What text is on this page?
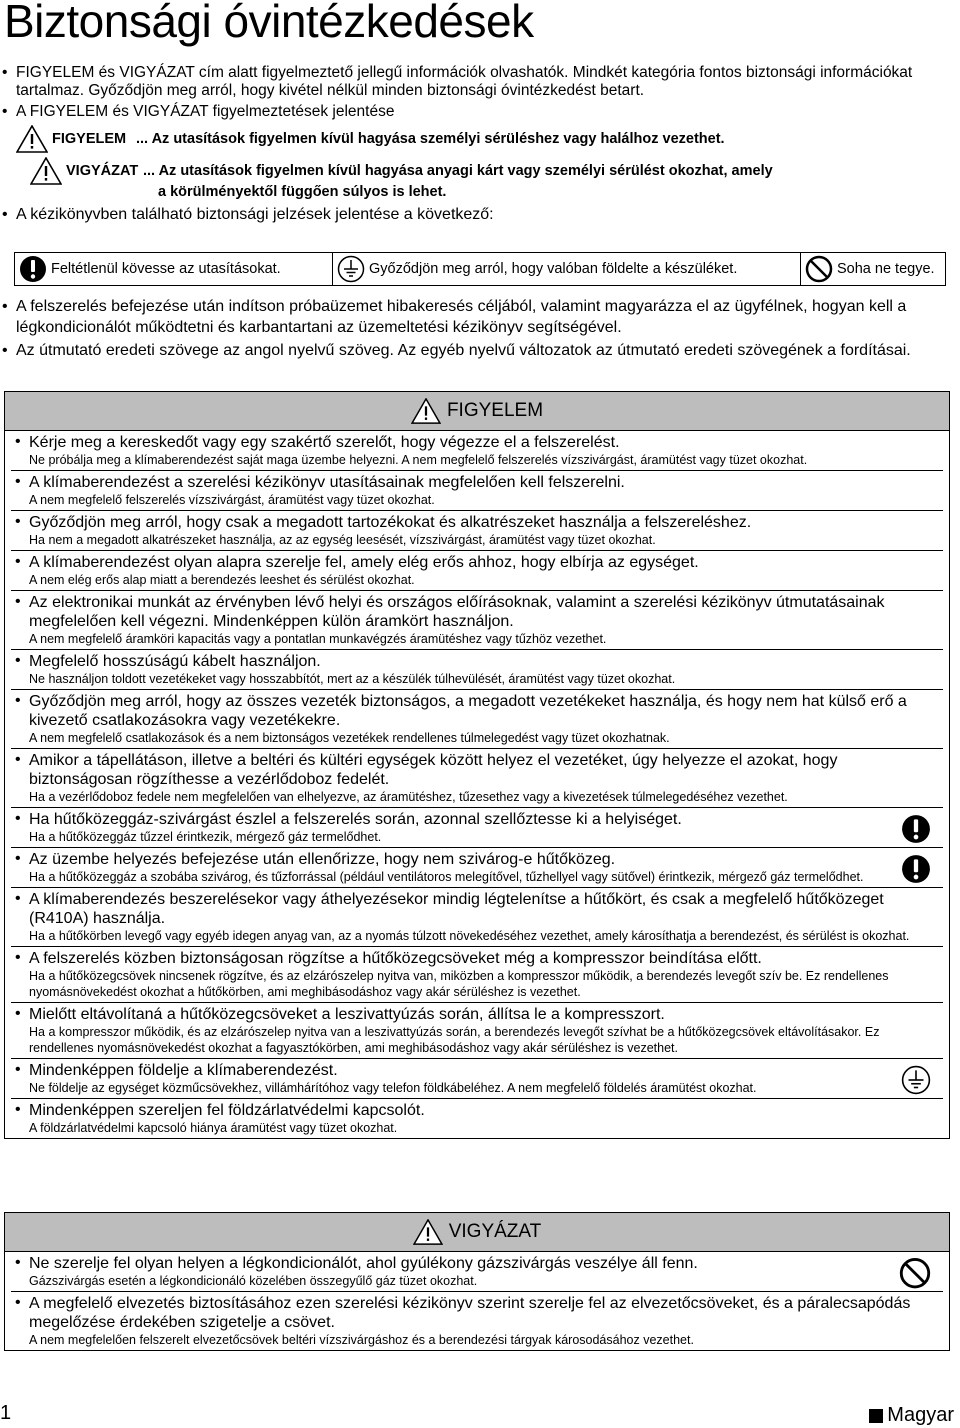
Biztonsági óvintézkedések
• FIGYELEM és VIGYÁZAT cím alatt figyelmeztető jellegű információk olvashatók. Mindkét kategória fontos biztonsági információkat tartalmaz. Győződjön meg arról, hogy kivétel nélkül minden biztonsági óvintézkedést betart.
• A FIGYELEM és VIGYÁZAT figyelmeztetések jelentése
FIGYELEM ... Az utasítások figyelmen kívül hagyása személyi sérüléshez vagy halálhoz vezethet.
VIGYÁZAT ... Az utasítások figyelmen kívül hagyása anyagi kárt vagy személyi sérülést okozhat, amely
a körülményektől függően súlyos is lehet.
• A kézikönyvben található biztonsági jelzések jelentése a következő:
Feltétlenül kövesse az utasításokat.	Győződjön meg arról, hogy valóban földelte a készüléket.	Soha ne tegye.
• A felszerelés befejezése után indítson próbaüzemet hibakeresés céljából, valamint magyarázza el az ügyfélnek, hogyan kell a légkondicionálót működtetni és karbantartani az üzemeltetési kézikönyv segítségével.
• Az útmutató eredeti szövege az angol nyelvű szöveg. Az egyéb nyelvű változatok az útmutató eredeti szövegének a fordításai.
FIGYELEM
• Kérje meg a kereskedőt vagy egy szakértő szerelőt, hogy végezze el a felszerelést.
Ne próbálja meg a klímaberendezést saját maga üzembe helyezni. A nem megfelelő felszerelés vízszivárgást, áramütést vagy tüzet okozhat.
• A klímaberendezést a szerelési kézikönyv utasításainak megfelelően kell felszerelni.
A nem megfelelő felszerelés vízszivárgást, áramütést vagy tüzet okozhat.
• Győződjön meg arról, hogy csak a megadott tartozékokat és alkatrészeket használja a felszereléshez.
Ha nem a megadott alkatrészeket használja, az az egység leesését, vízszivárgást, áramütést vagy tüzet okozhat.
• A klímaberendezést olyan alapra szerelje fel, amely elég erős ahhoz, hogy elbírja az egységet.
A nem elég erős alap miatt a berendezés leeshet és sérülést okozhat.
• Az elektronikai munkát az érvényben lévő helyi és országos előírásoknak, valamint a szerelési kézikönyv útmutatásainak megfelelően kell végezni. Mindenképpen külön áramkört használjon.
A nem megfelelő áramköri kapacitás vagy a pontatlan munkavégzés áramütéshez vagy tűzhöz vezethet.
• Megfelelő hosszúságú kábelt használjon.
Ne használjon toldott vezetékeket vagy hosszabbítót, mert az a készülék túlhevülését, áramütést vagy tüzet okozhat.
• Győződjön meg arról, hogy az összes vezeték biztonságos, a megadott vezetékeket használja, és hogy nem hat külső erő a kivezető csatlakozásokra vagy vezetékekre.
A nem megfelelő csatlakozások és a nem biztonságos vezetékek rendellenes túlmelegedést vagy tüzet okozhatnak.
• Amikor a tápellátáson, illetve a beltéri és kültéri egységek között helyez el vezetéket, úgy helyezze el azokat, hogy biztonságosan rögzíthesse a vezérlődoboz fedelét.
Ha a vezérlődoboz fedele nem megfelelően van elhelyezve, az áramütéshez, tűzesethez vagy a kivezetések túlmelegedéséhez vezethet.
• Ha hűtőközeggáz-szivárgást észlel a felszerelés során, azonnal szellőztesse ki a helyiséget.
Ha a hűtőközeggáz tűzzel érintkezik, mérgező gáz termelődhet.
• Az üzembe helyezés befejezése után ellenőrizze, hogy nem szivárog-e hűtőközeg.
Ha a hűtőközeggáz a szobába szivárog, és tűzforrással (például ventilátoros melegítővel, tűzhellyel vagy sütővel) érintkezik, mérgező gáz termelődhet.
• A klímaberendezés beszerelésekor vagy áthelyezésekor mindig légtelenítse a hűtőkört, és csak a megfelelő hűtőközeget (R410A) használja.
Ha a hűtőkörben levegő vagy egyéb idegen anyag van, az a nyomás túlzott növekedéséhez vezethet, amely károsíthatja a berendezést, és sérülést is okozhat.
• A felszerelés közben biztonságosan rögzítse a hűtőközegcsöveket még a kompresszor beindítása előtt.
Ha a hűtőközegcsövek nincsenek rögzítve, és az elzárószelep nyitva van, miközben a kompresszor működik, a berendezés levegőt szív be. Ez rendellenes nyomásnövekedést okozhat a hűtőkörben, ami meghibásodáshoz vagy akár sérüléshez is vezethet.
• Mielőtt eltávolítaná a hűtőközegcsöveket a leszivattyúzás során, állítsa le a kompresszort.
Ha a kompresszor működik, és az elzárószelep nyitva van a leszivattyúzás során, a berendezés levegőt szívhat be a hűtőközegcsövek eltávolításakor. Ez rendellenes nyomásnövekedést okozhat a fagyasztókörben, ami meghibásodáshoz vagy akár sérüléshez is vezethet.
• Mindenképpen földelje a klímaberendezést.
Ne földelje az egységet közműcsövekhez, villámhárítóhoz vagy telefon földkábeléhez. A nem megfelelő földelés áramütést okozhat.
• Mindenképpen szereljen fel földzárlatvédelmi kapcsolót.
A földzárlatvédelmi kapcsoló hiánya áramütést vagy tüzet okozhat.
VIGYÁZAT
• Ne szerelje fel olyan helyen a légkondicionálót, ahol gyúlékony gázszivárgás veszélye áll fenn.
Gázszivárgás esetén a légkondicionáló közelében összegyűlő gáz tüzet okozhat.
• A megfelelő elvezetés biztosításához ezen szerelési kézikönyv szerint szerelje fel az elvezetőcsöveket, és a páralecsapódás megelőzése érdekében szigetelje a csövet.
A nem megfelelően felszerelt elvezetőcsövek beltéri vízszivárgáshoz és a berendezési tárgyak károsodásához vezethet.
1	Magyar
